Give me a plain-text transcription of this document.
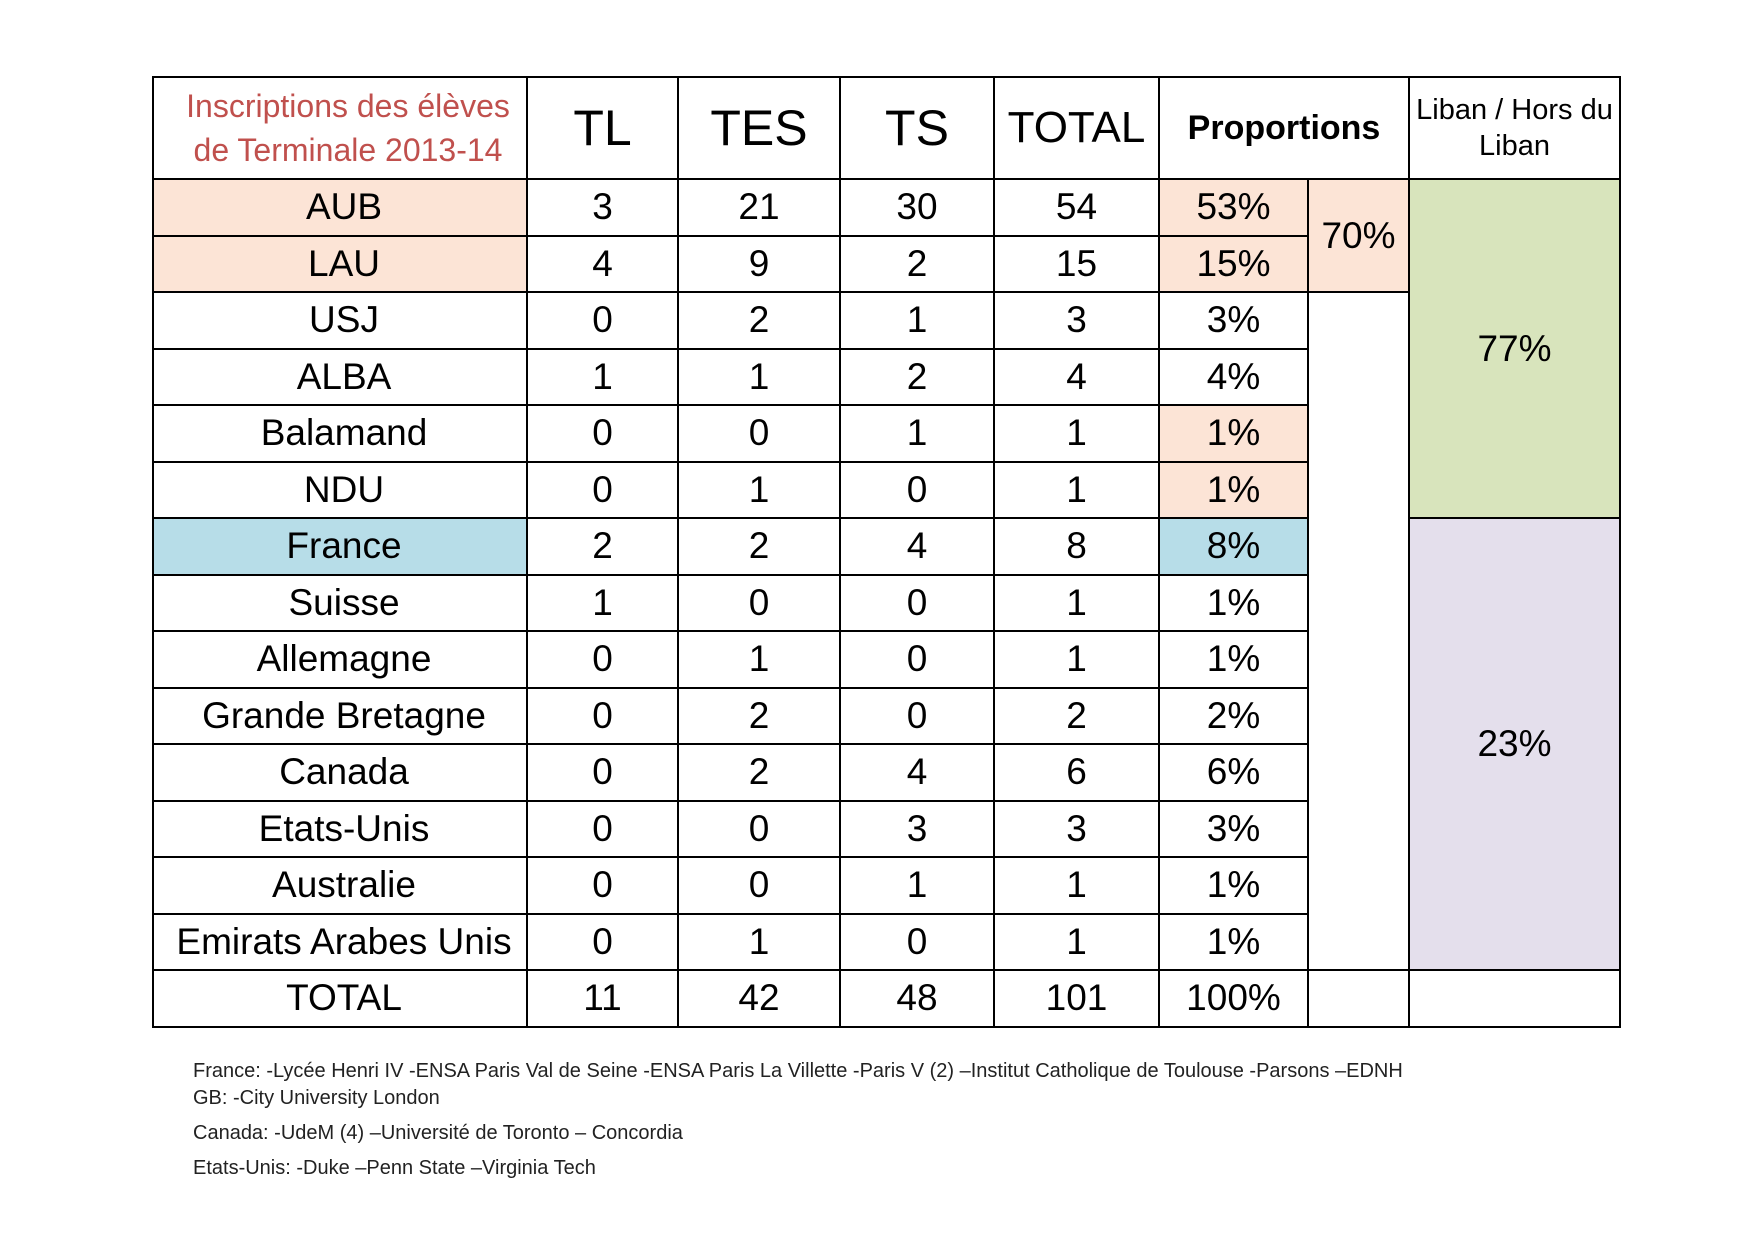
Inscriptions des élèves de Terminale 2013-14	TL	TES	TS	TOTAL	Proportions		Liban / Hors du Liban
AUB	3	21	30	54	53%	70%	77%
LAU	4	9	2	15	15%		
USJ	0	2	1	3	3%		
ALBA	1	1	2	4	4%		
Balamand	0	0	1	1	1%		
NDU	0	1	0	1	1%		
France	2	2	4	8	8%		23%
Suisse	1	0	0	1	1%		
Allemagne	0	1	0	1	1%		
Grande Bretagne	0	2	0	2	2%		
Canada	0	2	4	6	6%		
Etats-Unis	0	0	3	3	3%		
Australie	0	0	1	1	1%		
Emirats Arabes Unis	0	1	0	1	1%		
TOTAL	11	42	48	101	100%		
France: -Lycée Henri IV -ENSA Paris Val de Seine -ENSA Paris La Villette -Paris V (2) –Institut Catholique de Toulouse -Parsons –EDNH
GB: -City University London
Canada: -UdeM (4) –Université de Toronto – Concordia
Etats-Unis: -Duke –Penn State –Virginia Tech
